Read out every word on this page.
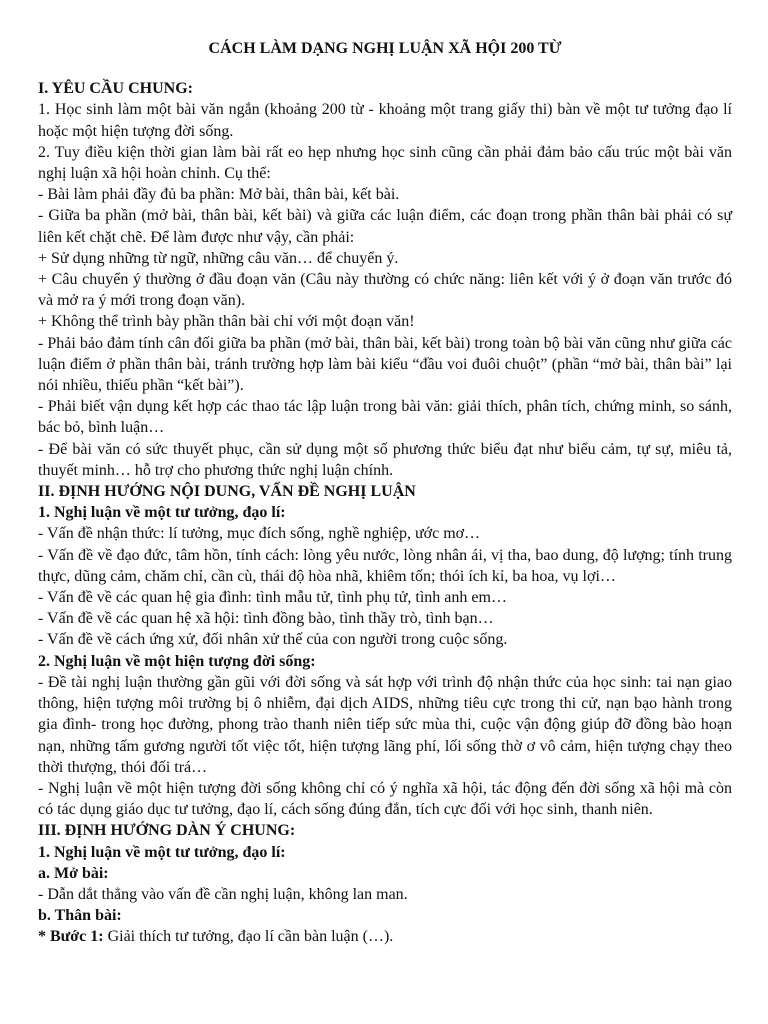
CÁCH LÀM DẠNG NGHỊ LUẬN XÃ HỘI 200 TỪ
I. YÊU CẦU CHUNG:

1. Học sinh làm một bài văn ngắn (khoảng 200 từ - khoảng một trang giấy thi) bàn về một tư tưởng đạo lí hoặc một hiện tượng đời sống.

2. Tuy điều kiện thời gian làm bài rất eo hẹp nhưng học sinh cũng cần phải đảm bảo cấu trúc một bài văn nghị luận xã hội hoàn chỉnh. Cụ thể:

- Bài làm phải đầy đủ ba phần: Mở bài, thân bài, kết bài.

- Giữa ba phần (mở bài, thân bài, kết bài) và giữa các luận điểm, các đoạn trong phần thân bài phải có sự liên kết chặt chẽ. Để làm được như vậy, cần phải:

+ Sử dụng những từ ngữ, những câu văn… để chuyển ý.

+ Câu chuyển ý thường ở đầu đoạn văn (Câu này thường có chức năng: liên kết với ý ở đoạn văn trước đó và mở ra ý mới trong đoạn văn).

+ Không thể trình bày phần thân bài chỉ với một đoạn văn!

- Phải bảo đảm tính cân đối giữa ba phần (mở bài, thân bài, kết bài) trong toàn bộ bài văn cũng như giữa các luận điểm ở phần thân bài, tránh trường hợp làm bài kiểu “đầu voi đuôi chuột” (phần “mở bài, thân bài” lại nói nhiều, thiếu phần “kết bài”).

- Phải biết vận dụng kết hợp các thao tác lập luận trong bài văn: giải thích, phân tích, chứng minh, so sánh, bác bỏ, bình luận…

- Để bài văn có sức thuyết phục, cần sử dụng một số phương thức biểu đạt như biểu cảm, tự sự, miêu tả, thuyết minh… hỗ trợ cho phương thức nghị luận chính.

II. ĐỊNH HƯỚNG NỘI DUNG, VẤN ĐỀ NGHỊ LUẬN
1. Nghị luận về một tư tưởng, đạo lí:

- Vấn đề nhận thức: lí tưởng, mục đích sống, nghề nghiệp, ước mơ…

- Vấn đề về đạo đức, tâm hồn, tính cách: lòng yêu nước, lòng nhân ái, vị tha, bao dung, độ lượng; tính trung thực, dũng cảm, chăm chỉ, cần cù, thái độ hòa nhã, khiêm tốn; thói ích kỉ, ba hoa, vụ lợi…

- Vấn đề về các quan hệ gia đình: tình mẫu tử, tình phụ tử, tình anh em…

- Vấn đề về các quan hệ xã hội: tình đồng bào, tình thầy trò, tình bạn…

- Vấn đề về cách ứng xử, đối nhân xử thế của con người trong cuộc sống.

2. Nghị luận về một hiện tượng đời sống:

- Đề tài nghị luận thường gần gũi với đời sống và sát hợp với trình độ nhận thức của học sinh: tai nạn giao thông, hiện tượng môi trường bị ô nhiễm, đại dịch AIDS, những tiêu cực trong thi cử, nạn bạo hành trong gia đình- trong học đường, phong trào thanh niên tiếp sức mùa thi, cuộc vận động giúp đỡ đồng bào hoạn nạn, những tấm gương người tốt việc tốt, hiện tượng lãng phí, lối sống thờ ơ vô cảm, hiện tượng chạy theo thời thượng, thói đối trá…

- Nghị luận về một hiện tượng đời sống không chỉ có ý nghĩa xã hội, tác động đến đời sống xã hội mà còn có tác dụng giáo dục tư tưởng, đạo lí, cách sống đúng đắn, tích cực đối với học sinh, thanh niên.

III. ĐỊNH HƯỚNG DÀN Ý CHUNG:
1. Nghị luận về một tư tưởng, đạo lí:
a. Mở bài:

- Dẫn dắt thẳng vào vấn đề cần nghị luận, không lan man.

b. Thân bài:

* Bước 1: Giải thích tư tưởng, đạo lí cần bàn luận (…).
